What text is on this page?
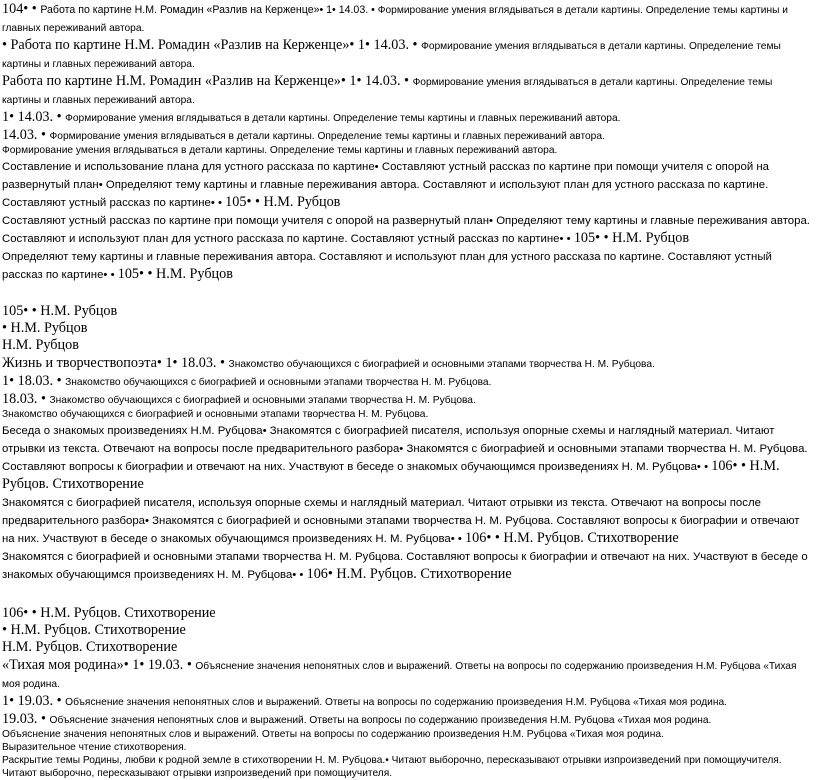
104• • Работа по картине Н.М. Ромадин «Разлив на Керженце»• 1• 14.03. • Формирование умения вглядываться в детали картины. Определение темы картины и главных переживаний автора.

• Работа по картине Н.М. Ромадин «Разлив на Керженце»• 1• 14.03. • Формирование умения вглядываться в детали картины. Определение темы картины и главных переживаний автора.

Работа по картине Н.М. Ромадин «Разлив на Керженце»• 1• 14.03. • Формирование умения вглядываться в детали картины. Определение темы картины и главных переживаний автора.

1• 14.03. • Формирование умения вглядываться в детали картины. Определение темы картины и главных переживаний автора.

14.03. • Формирование умения вглядываться в детали картины. Определение темы картины и главных переживаний автора.

Формирование умения вглядываться в детали картины. Определение темы картины и главных переживаний автора.

Составление и использование плана для устного рассказа по картине• Составляют устный рассказ по картине при помощи учителя с опорой на развернутый план• Определяют тему картины и главные переживания автора. Составляют и используют план для устного рассказа по картине. Составляют устный рассказ по картине• • 105• • Н.М. Рубцов

Составляют устный рассказ по картине при помощи учителя с опорой на развернутый план• Определяют тему картины и главные переживания автора. Составляют и используют план для устного рассказа по картине. Составляют устный рассказ по картине• • 105• • Н.М. Рубцов

Определяют тему картины и главные переживания автора. Составляют и используют план для устного рассказа по картине. Составляют устный рассказ по картине• • 105• • Н.М. Рубцов

105• • Н.М. Рубцов

• Н.М. Рубцов

Н.М. Рубцов

Жизнь и творчествопоэта• 1• 18.03. • Знакомство обучающихся с биографией и основными этапами творчества Н. М. Рубцова.

1• 18.03. • Знакомство обучающихся с биографией и основными этапами творчества Н. М. Рубцова.

18.03. • Знакомство обучающихся с биографией и основными этапами творчества Н. М. Рубцова.

Знакомство обучающихся с биографией и основными этапами творчества Н. М. Рубцова.

Беседа о знакомых произведениях Н.М. Рубцова• Знакомятся с биографией писателя, используя опорные схемы и наглядный материал. Читают отрывки из текста. Отвечают на вопросы после предварительного разбора• Знакомятся с биографией и основными этапами творчества Н. М. Рубцова. Составляют вопросы к биографии и отвечают на них. Участвуют в беседе о знакомых обучающимся произведениях Н. М. Рубцова• • 106• • Н.М. Рубцов. Стихотворение

Знакомятся с биографией писателя, используя опорные схемы и наглядный материал. Читают отрывки из текста. Отвечают на вопросы после предварительного разбора• Знакомятся с биографией и основными этапами творчества Н. М. Рубцова. Составляют вопросы к биографии и отвечают на них. Участвуют в беседе о знакомых обучающимся произведениях Н. М. Рубцова• • 106• • Н.М. Рубцов. Стихотворение

Знакомятся с биографией и основными этапами творчества Н. М. Рубцова. Составляют вопросы к биографии и отвечают на них. Участвуют в беседе о знакомых обучающимся произведениях Н. М. Рубцова• • 106• Н.М. Рубцов. Стихотворение

106• • Н.М. Рубцов. Стихотворение

• Н.М. Рубцов. Стихотворение

Н.М. Рубцов. Стихотворение

«Тихая моя родина»• 1• 19.03. • Объяснение значения непонятных слов и выражений. Ответы на вопросы по содержанию произведения Н.М. Рубцова «Тихая моя родина.

1• 19.03. • Объяснение значения непонятных слов и выражений. Ответы на вопросы по содержанию произведения Н.М. Рубцова «Тихая моя родина.

19.03. • Объяснение значения непонятных слов и выражений. Ответы на вопросы по содержанию произведения Н.М. Рубцова «Тихая моя родина.

Объяснение значения непонятных слов и выражений. Ответы на вопросы по содержанию произведения Н.М. Рубцова «Тихая моя родина.

Выразительное чтение стихотворения.

Раскрытие темы Родины, любви к родной земле в стихотворении Н. М. Рубцова.• Читают выборочно, пересказывают отрывки изпроизведений при помощиучителя.

Читают выборочно, пересказывают отрывки изпроизведений при помощиучителя.
